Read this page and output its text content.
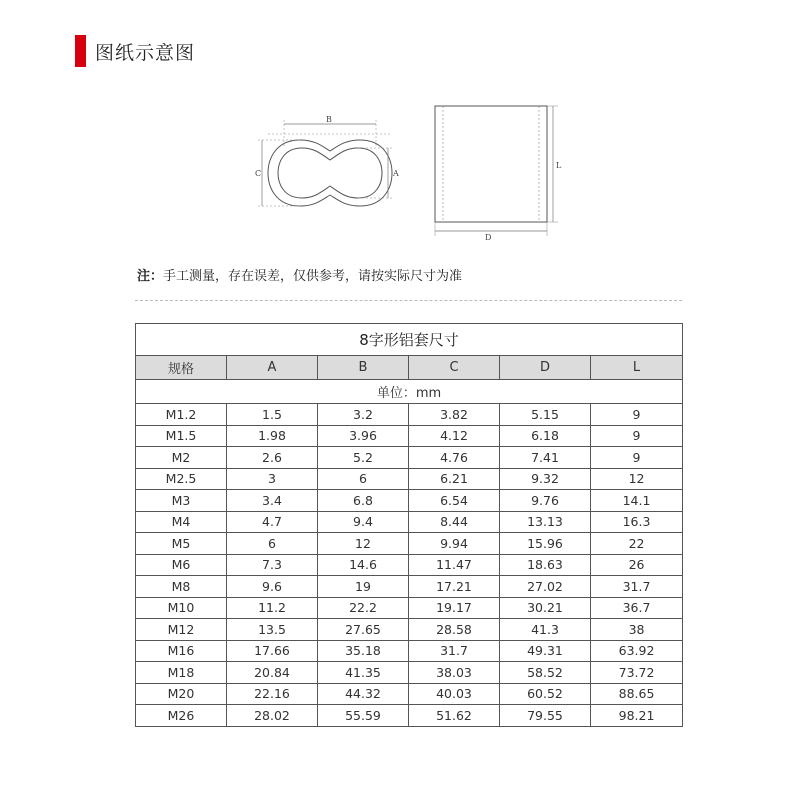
图纸示意图
B
C	A
L
D
注：手工测量，存在误差，仅供参考，请按实际尺寸为准
8字形铝套尺寸					
规格	A	B	C	D	L
单位：mm					
M1.2	1.5	3.2	3.82	5.15	9
M1.5	1.98	3.96	4.12	6.18	9
M2	2.6	5.2	4.76	7.41	9
M2.5	3	6	6.21	9.32	12
M3	3.4	6.8	6.54	9.76	14.1
M4	4.7	9.4	8.44	13.13	16.3
M5	6	12	9.94	15.96	22
M6	7.3	14.6	11.47	18.63	26
M8	9.6	19	17.21	27.02	31.7
M10	11.2	22.2	19.17	30.21	36.7
M12	13.5	27.65	28.58	41.3	38
M16	17.66	35.18	31.7	49.31	63.92
M18	20.84	41.35	38.03	58.52	73.72
M20	22.16	44.32	40.03	60.52	88.65
M26	28.02	55.59	51.62	79.55	98.21
